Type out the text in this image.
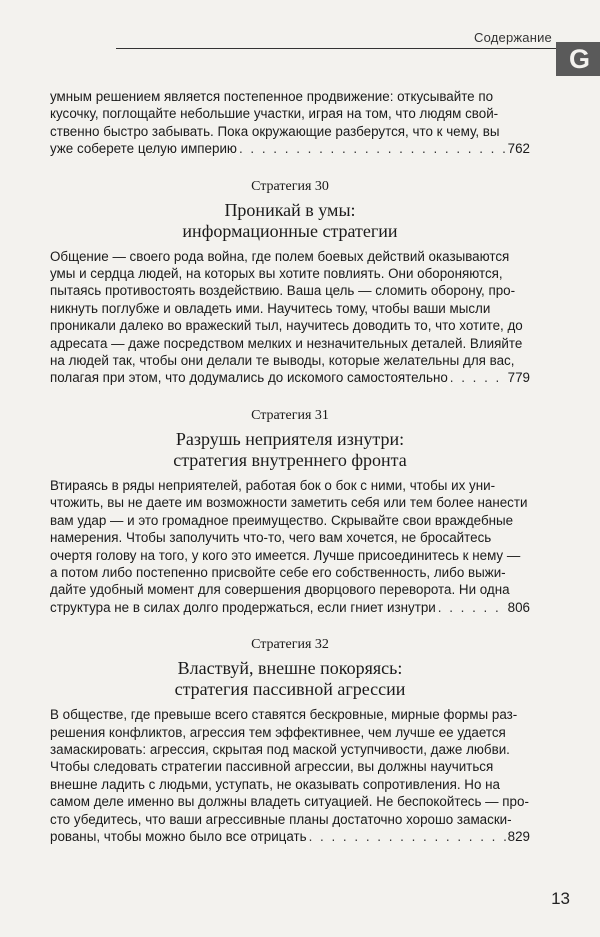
Содержание
G

умным решением является постепенное продвижение: откусывайте по

кусочку, поглощайте небольшие участки, играя на том, что людям свой-

ственно быстро забывать. Пока окружающие разберутся, что к чему, вы

уже соберете целую империю . . .	762
Стратегия 30
Проникай в умы:
информационные стратегии

Общение — своего рода война, где полем боевых действий оказываются

умы и сердца людей, на которых вы хотите повлиять. Они обороняются,

пытаясь противостоять воздействию. Ваша цель — сломить оборону, про-

никнуть поглубже и овладеть ими. Научитесь тому, чтобы ваши мысли

проникали далеко во вражеский тыл, научитесь доводить то, что хотите, до

адресата — даже посредством мелких и незначительных деталей. Влияйте

на людей так, чтобы они делали те выводы, которые желательны для вас,

полагая при этом, что додумались до искомого самостоятельно . . .	779
Стратегия 31
Разрушь неприятеля изнутри:
стратегия внутреннего фронта

Втираясь в ряды неприятелей, работая бок о бок с ними, чтобы их уни-

чтожить, вы не даете им возможности заметить себя или тем более нанести

вам удар — и это громадное преимущество. Скрывайте свои враждебные

намерения. Чтобы заполучить что-то, чего вам хочется, не бросайтесь

очертя голову на того, у кого это имеется. Лучше присоединитесь к нему —

а потом либо постепенно присвойте себе его собственность, либо выжи-

дайте удобный момент для совершения дворцового переворота. Ни одна

структура не в силах долго продержаться, если гниет изнутри . . .	806
Стратегия 32
Властвуй, внешне покоряясь:
стратегия пассивной агрессии

В обществе, где превыше всего ставятся бескровные, мирные формы раз-

решения конфликтов, агрессия тем эффективнее, чем лучше ее удается

замаскировать: агрессия, скрытая под маской уступчивости, даже любви.

Чтобы следовать стратегии пассивной агрессии, вы должны научиться

внешне ладить с людьми, уступать, не оказывать сопротивления. Но на

самом деле именно вы должны владеть ситуацией. Не беспокойтесь — про-

сто убедитесь, что ваши агрессивные планы достаточно хорошо замаски-

рованы, чтобы можно было все отрицать . . .	829
13
